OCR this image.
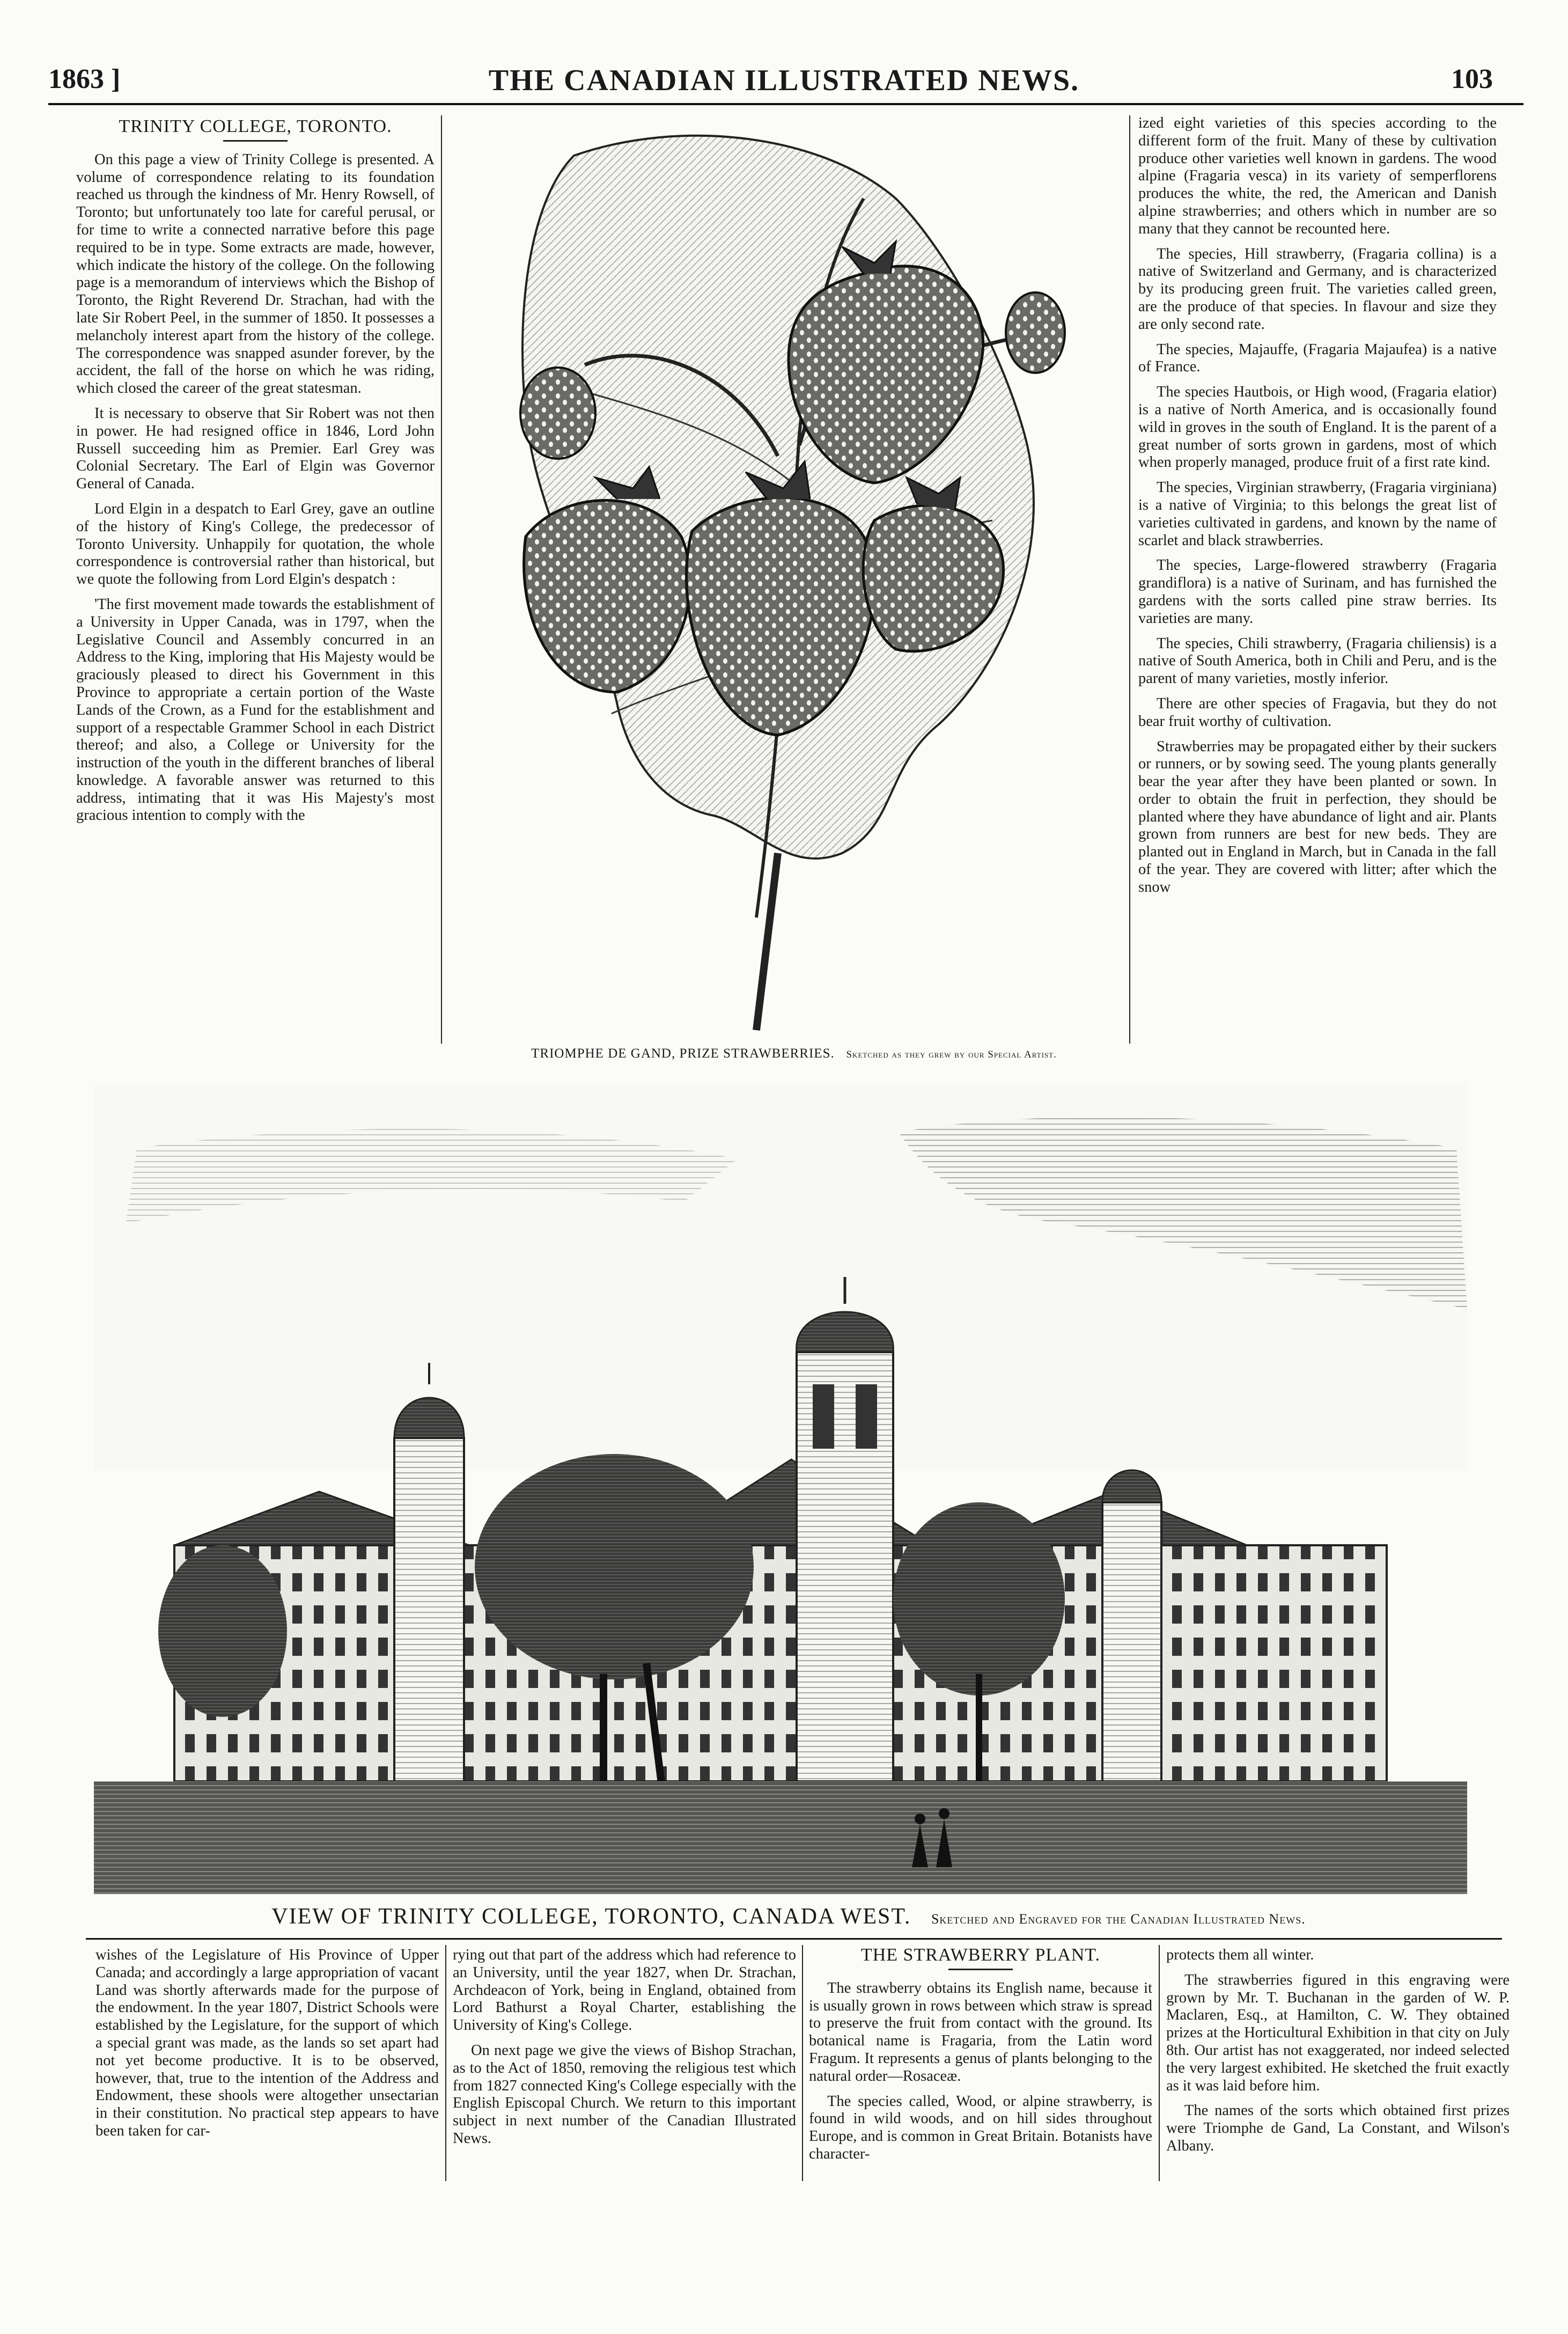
1863 ]	THE CANADIAN ILLUSTRATED NEWS.	103
TRINITY COLLEGE, TORONTO.

On this page a view of Trinity College is presented. A volume of correspondence relating to its foundation reached us through the kindness of Mr. Henry Rowsell, of Toronto; but unfortunately too late for careful perusal, or for time to write a connected narrative before this page required to be in type. Some extracts are made, however, which indicate the history of the college. On the following page is a memorandum of interviews which the Bishop of Toronto, the Right Reverend Dr. Strachan, had with the late Sir Robert Peel, in the summer of 1850. It possesses a melancholy interest apart from the history of the college. The correspondence was snapped asunder forever, by the accident, the fall of the horse on which he was riding, which closed the career of the great statesman.

It is necessary to observe that Sir Robert was not then in power. He had resigned office in 1846, Lord John Russell succeeding him as Premier. Earl Grey was Colonial Secretary. The Earl of Elgin was Governor General of Canada.

Lord Elgin in a despatch to Earl Grey, gave an outline of the history of King's College, the predecessor of Toronto University. Unhappily for quotation, the whole correspondence is controversial rather than historical, but we quote the following from Lord Elgin's despatch :

'The first movement made towards the establishment of a University in Upper Canada, was in 1797, when the Legislative Council and Assembly concurred in an Address to the King, imploring that His Majesty would be graciously pleased to direct his Government in this Province to appropriate a certain portion of the Waste Lands of the Crown, as a Fund for the establishment and support of a respectable Grammer School in each District thereof; and also, a College or University for the instruction of the youth in the different branches of liberal knowledge. A favorable answer was returned to this address, intimating that it was His Majesty's most gracious intention to comply with the

TRIOMPHE DE GAND, PRIZE STRAWBERRIES. Sketched as they grew by our Special Artist.

ized eight varieties of this species according to the different form of the fruit. Many of these by cultivation produce other varieties well known in gardens. The wood alpine (Fragaria vesca) in its variety of semperflorens produces the white, the red, the American and Danish alpine strawberries; and others which in number are so many that they cannot be recounted here.

The species, Hill strawberry, (Fragaria collina) is a native of Switzerland and Germany, and is characterized by its producing green fruit. The varieties called green, are the produce of that species. In flavour and size they are only second rate.

The species, Majauffe, (Fragaria Majaufea) is a native of France.

The species Hautbois, or High wood, (Fragaria elatior) is a native of North America, and is occasionally found wild in groves in the south of England. It is the parent of a great number of sorts grown in gardens, most of which when properly managed, produce fruit of a first rate kind.

The species, Virginian strawberry, (Fragaria virginiana) is a native of Virginia; to this belongs the great list of varieties cultivated in gardens, and known by the name of scarlet and black strawberries.

The species, Large-flowered strawberry (Fragaria grandiflora) is a native of Surinam, and has furnished the gardens with the sorts called pine straw berries. Its varieties are many.

The species, Chili strawberry, (Fragaria chiliensis) is a native of South America, both in Chili and Peru, and is the parent of many varieties, mostly inferior.

There are other species of Fragavia, but they do not bear fruit worthy of cultivation.

Strawberries may be propagated either by their suckers or runners, or by sowing seed. The young plants generally bear the year after they have been planted or sown. In order to obtain the fruit in perfection, they should be planted where they have abundance of light and air. Plants grown from runners are best for new beds. They are planted out in England in March, but in Canada in the fall of the year. They are covered with litter; after which the snow

VIEW OF TRINITY COLLEGE, TORONTO, CANADA WEST. Sketched and Engraved for the Canadian Illustrated News.

wishes of the Legislature of His Province of Upper Canada; and accordingly a large appropriation of vacant Land was shortly afterwards made for the purpose of the endowment. In the year 1807, District Schools were established by the Legislature, for the support of which a special grant was made, as the lands so set apart had not yet become productive. It is to be observed, however, that, true to the intention of the Address and Endowment, these shools were altogether unsectarian in their constitution. No practical step appears to have been taken for car-

rying out that part of the address which had reference to an University, until the year 1827, when Dr. Strachan, Archdeacon of York, being in England, obtained from Lord Bathurst a Royal Charter, establishing the University of King's College.

On next page we give the views of Bishop Strachan, as to the Act of 1850, removing the religious test which from 1827 connected King's College especially with the English Episcopal Church. We return to this important subject in next number of the Canadian Illustrated News.

THE STRAWBERRY PLANT.

The strawberry obtains its English name, because it is usually grown in rows between which straw is spread to preserve the fruit from contact with the ground. Its botanical name is Fragaria, from the Latin word Fragum. It represents a genus of plants belonging to the natural order—Rosaceæ.

The species called, Wood, or alpine strawberry, is found in wild woods, and on hill sides throughout Europe, and is common in Great Britain. Botanists have character-

protects them all winter.

The strawberries figured in this engraving were grown by Mr. T. Buchanan in the garden of W. P. Maclaren, Esq., at Hamilton, C. W. They obtained prizes at the Horticultural Exhibition in that city on July 8th. Our artist has not exaggerated, nor indeed selected the very largest exhibited. He sketched the fruit exactly as it was laid before him.

The names of the sorts which obtained first prizes were Triomphe de Gand, La Constant, and Wilson's Albany.
